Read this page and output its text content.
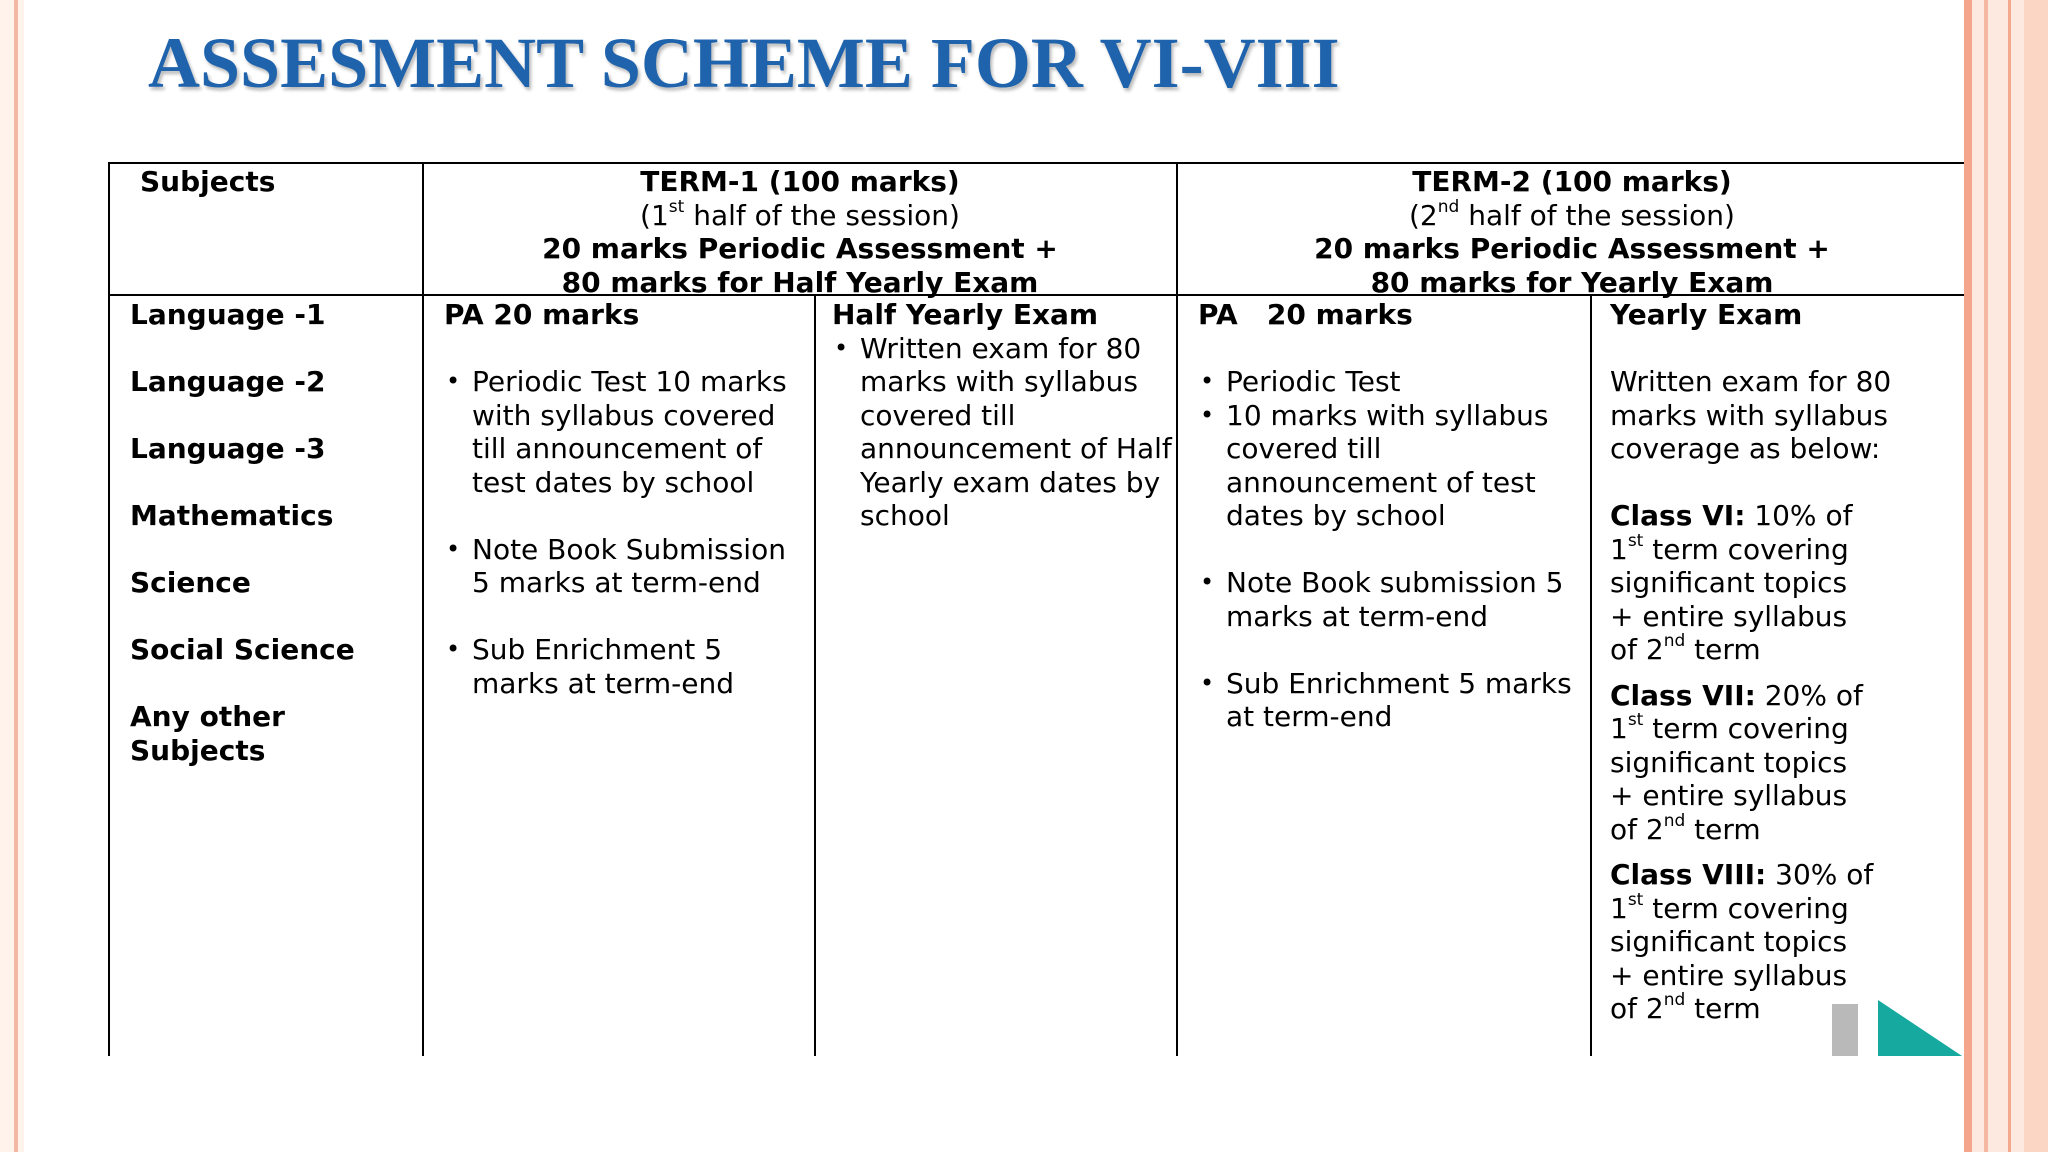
ASSESMENT SCHEME FOR VI-VIII
Subjects	TERM-1 (100 marks)
(1st half of the session)
20 marks Periodic Assessment +
80 marks for Half Yearly Exam
TERM-2 (100 marks)
(2nd half of the session)
20 marks Periodic Assessment +
80 marks for Yearly Exam
Language -1
Language -2
Language -3
Mathematics
Science
Social Science
Any other Subjects
PA 20 marks
• Periodic Test 10 marks with syllabus covered till announcement of test dates by school
• Note Book Submission 5 marks at term-end
• Sub Enrichment 5 marks at term-end
Half Yearly Exam
• Written exam for 80 marks with syllabus covered till announcement of Half Yearly exam dates by school
PA   20 marks
• Periodic Test
• 10 marks with syllabus covered till announcement of test dates by school
• Note Book submission 5 marks at term-end
• Sub Enrichment 5 marks at term-end
Yearly Exam
Written exam for 80 marks with syllabus coverage as below:
Class VI: 10% of
1st term covering
significant topics
+ entire syllabus
of 2nd term
Class VII: 20% of
1st term covering
significant topics
+ entire syllabus
of 2nd term
Class VIII: 30% of
1st term covering
significant topics
+ entire syllabus
of 2nd term
